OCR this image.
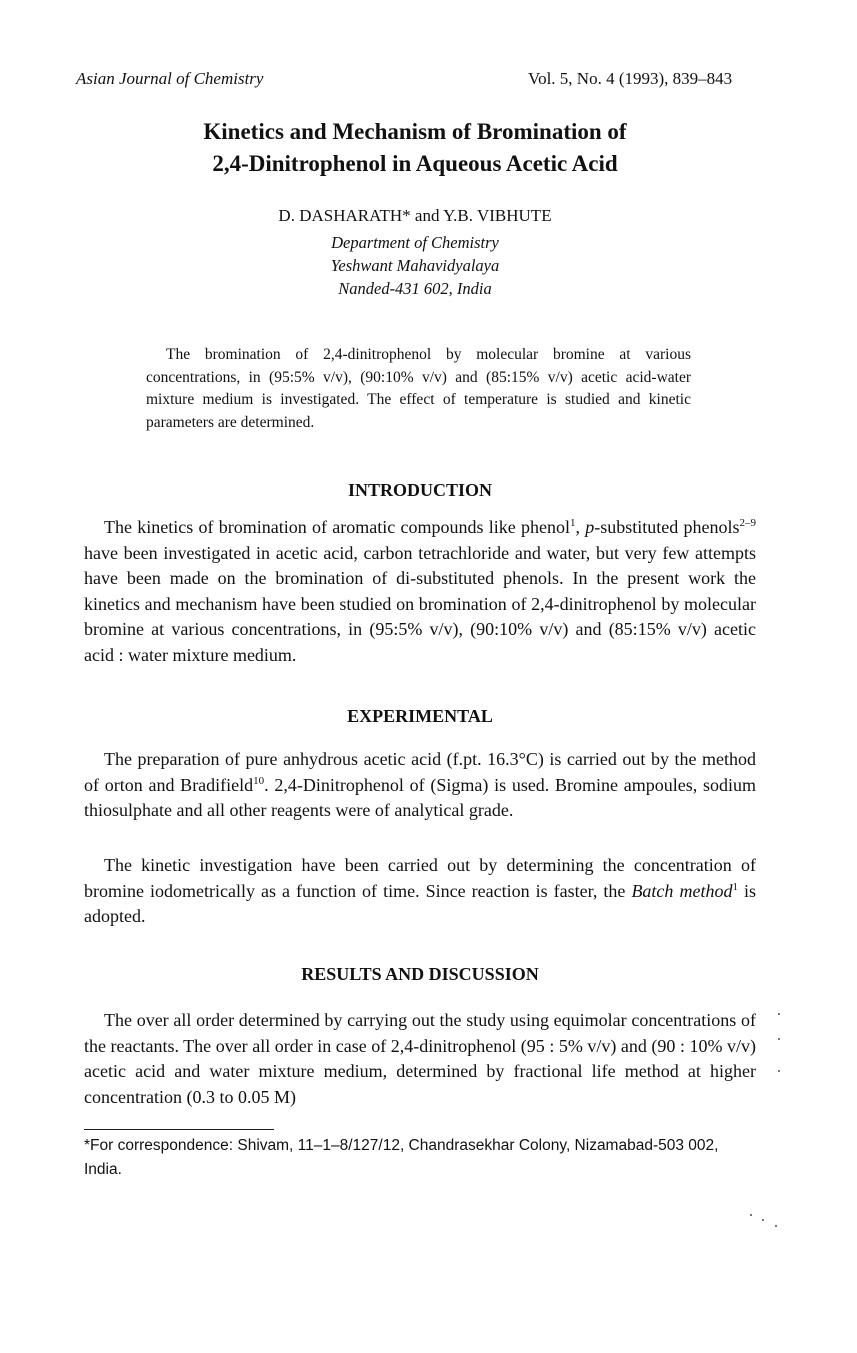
Asian Journal of Chemistry	Vol. 5, No. 4 (1993), 839–843
Kinetics and Mechanism of Bromination of
2,4-Dinitrophenol in Aqueous Acetic Acid
D. DASHARATH* and Y.B. VIBHUTE
Department of Chemistry
Yeshwant Mahavidyalaya
Nanded-431 602, India
The bromination of 2,4-dinitrophenol by molecular bromine at various concentrations, in (95:5% v/v), (90:10% v/v) and (85:15% v/v) acetic acid-water mixture medium is investigated. The effect of temperature is studied and kinetic parameters are determined.
INTRODUCTION
The kinetics of bromination of aromatic compounds like phenol$^1$, p-substituted phenols$^{2-9}$ have been investigated in acetic acid, carbon tetrachloride and water, but very few attempts have been made on the bromination of di-substituted phenols. In the present work the kinetics and mechanism have been studied on bromination of 2,4-dinitrophenol by molecular bromine at various concentrations, in (95:5% v/v), (90:10% v/v) and (85:15% v/v) acetic acid : water mixture medium.
EXPERIMENTAL
The preparation of pure anhydrous acetic acid (f.pt. 16.3°C) is carried out by the method of orton and Bradifield$^{10}$. 2,4-Dinitrophenol of (Sigma) is used. Bromine ampoules, sodium thiosulphate and all other reagents were of analytical grade.
The kinetic investigation have been carried out by determining the concentration of bromine iodometrically as a function of time. Since reaction is faster, the Batch method$^1$ is adopted.
RESULTS AND DISCUSSION
The over all order determined by carrying out the study using equimolar concentrations of the reactants. The over all order in case of 2,4-dinitrophenol (95 : 5% v/v) and (90 : 10% v/v) acetic acid and water mixture medium, determined by fractional life method at higher concentration (0.3 to 0.05 M)
*For correspondence: Shivam, 11–1–8/127/12, Chandrasekhar Colony, Nizamabad-503 002, India.
